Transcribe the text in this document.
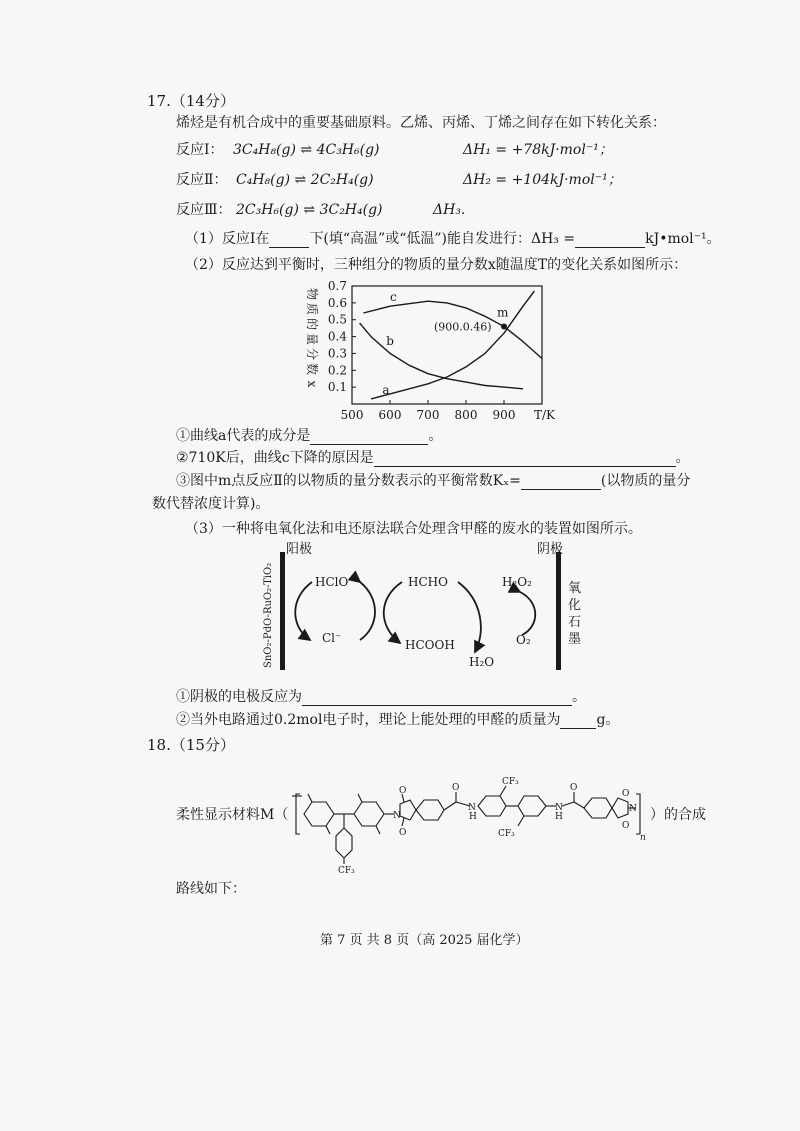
17.（14分）
烯烃是有机合成中的重要基础原料。乙烯、丙烯、丁烯之间存在如下转化关系：
反应Ⅰ： 3C₄H₈(g) ⇌ 4C₃H₆(g)	ΔH₁ = +78kJ·mol⁻¹；
反应Ⅱ： C₄H₈(g) ⇌ 2C₂H₄(g)	ΔH₂ = +104kJ·mol⁻¹；
反应Ⅲ： 2C₃H₆(g) ⇌ 3C₂H₄(g)	ΔH₃.
（1）反应Ⅰ在	下(填“高温”或“低温”)能自发进行：ΔH₃ =	kJ•mol⁻¹。
（2）反应达到平衡时，三种组分的物质的量分数x随温度T的变化关系如图所示：
0.1
0.2
0.3
0.4
0.5
0.6
0.7
500 600 700 800 900 T/K
物
质
的
量
分
数
x	a
b
c
m
(900.0.46)
①曲线a代表的成分是	。
②710K后，曲线c下降的原因是	。
③图中m点反应Ⅱ的以物质的量分数表示的平衡常数Kₓ=	(以物质的量分
数代替浓度计算)。
（3）一种将电氧化法和电还原法联合处理含甲醛的废水的装置如图所示。
阳极	阴极
SnO₂-PdO-RuO₂-TiO₂	氧
化
石
墨
HClO
Cl⁻
HCHO
HCOOH
H₂O
H₂O₂
O₂
①阴极的电极反应为	。
②当外电路通过0.2mol电子时，理论上能处理的甲醛的质量为	g。
18.（15分）
柔性显示材料M（	）的合成
N
O
O
O
N
H
CF₃
CF₃
N
H
O
O
O
N
CF₃
n
路线如下：
第 7 页 共 8 页（高 2025 届化学）
